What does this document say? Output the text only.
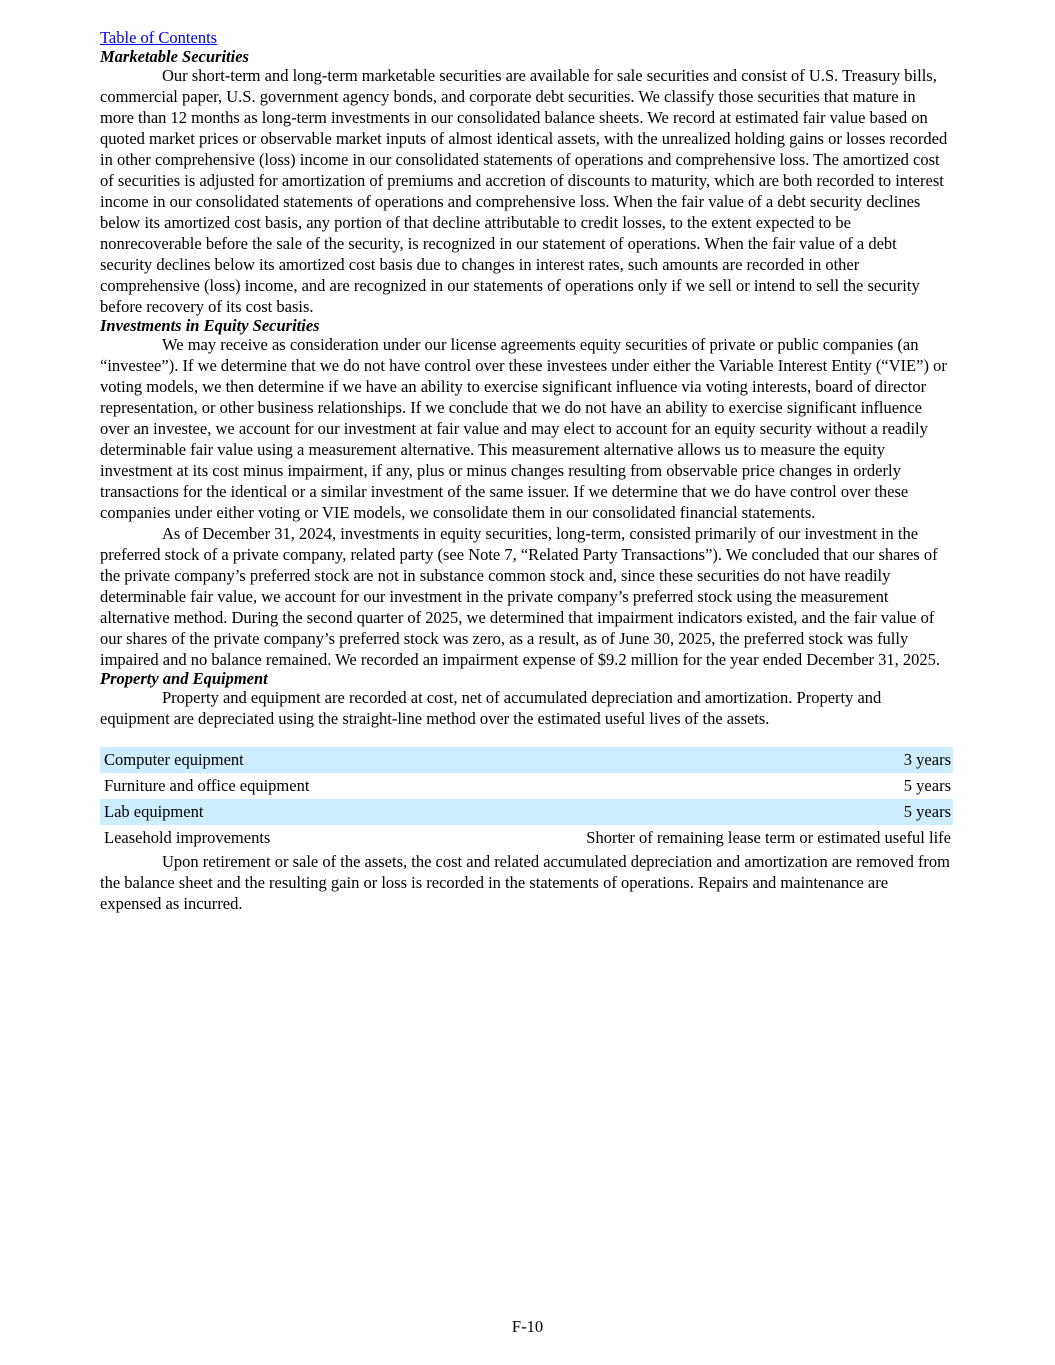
Table of Contents
Marketable Securities

Our short-term and long-term marketable securities are available for sale securities and consist of U.S. Treasury bills, commercial paper, U.S. government agency bonds, and corporate debt securities. We classify those securities that mature in more than 12 months as long-term investments in our consolidated balance sheets. We record at estimated fair value based on quoted market prices or observable market inputs of almost identical assets, with the unrealized holding gains or losses recorded in other comprehensive (loss) income in our consolidated statements of operations and comprehensive loss. The amortized cost of securities is adjusted for amortization of premiums and accretion of discounts to maturity, which are both recorded to interest income in our consolidated statements of operations and comprehensive loss. When the fair value of a debt security declines below its amortized cost basis, any portion of that decline attributable to credit losses, to the extent expected to be nonrecoverable before the sale of the security, is recognized in our statement of operations. When the fair value of a debt security declines below its amortized cost basis due to changes in interest rates, such amounts are recorded in other comprehensive (loss) income, and are recognized in our statements of operations only if we sell or intend to sell the security before recovery of its cost basis.

Investments in Equity Securities

We may receive as consideration under our license agreements equity securities of private or public companies (an “investee”). If we determine that we do not have control over these investees under either the Variable Interest Entity (“VIE”) or voting models, we then determine if we have an ability to exercise significant influence via voting interests, board of director representation, or other business relationships. If we conclude that we do not have an ability to exercise significant influence over an investee, we account for our investment at fair value and may elect to account for an equity security without a readily determinable fair value using a measurement alternative. This measurement alternative allows us to measure the equity investment at its cost minus impairment, if any, plus or minus changes resulting from observable price changes in orderly transactions for the identical or a similar investment of the same issuer. If we determine that we do have control over these companies under either voting or VIE models, we consolidate them in our consolidated financial statements.

As of December 31, 2024, investments in equity securities, long-term, consisted primarily of our investment in the preferred stock of a private company, related party (see Note 7, “Related Party Transactions”). We concluded that our shares of the private company’s preferred stock are not in substance common stock and, since these securities do not have readily determinable fair value, we account for our investment in the private company’s preferred stock using the measurement alternative method. During the second quarter of 2025, we determined that impairment indicators existed, and the fair value of our shares of the private company’s preferred stock was zero, as a result, as of June 30, 2025, the preferred stock was fully impaired and no balance remained. We recorded an impairment expense of $9.2 million for the year ended December 31, 2025.

Property and Equipment

Property and equipment are recorded at cost, net of accumulated depreciation and amortization. Property and equipment are depreciated using the straight-line method over the estimated useful lives of the assets.

Computer equipment	3 years
Furniture and office equipment	5 years
Lab equipment	5 years
Leasehold improvements	Shorter of remaining lease term or estimated useful life

Upon retirement or sale of the assets, the cost and related accumulated depreciation and amortization are removed from the balance sheet and the resulting gain or loss is recorded in the statements of operations. Repairs and maintenance are expensed as incurred.

F-10
